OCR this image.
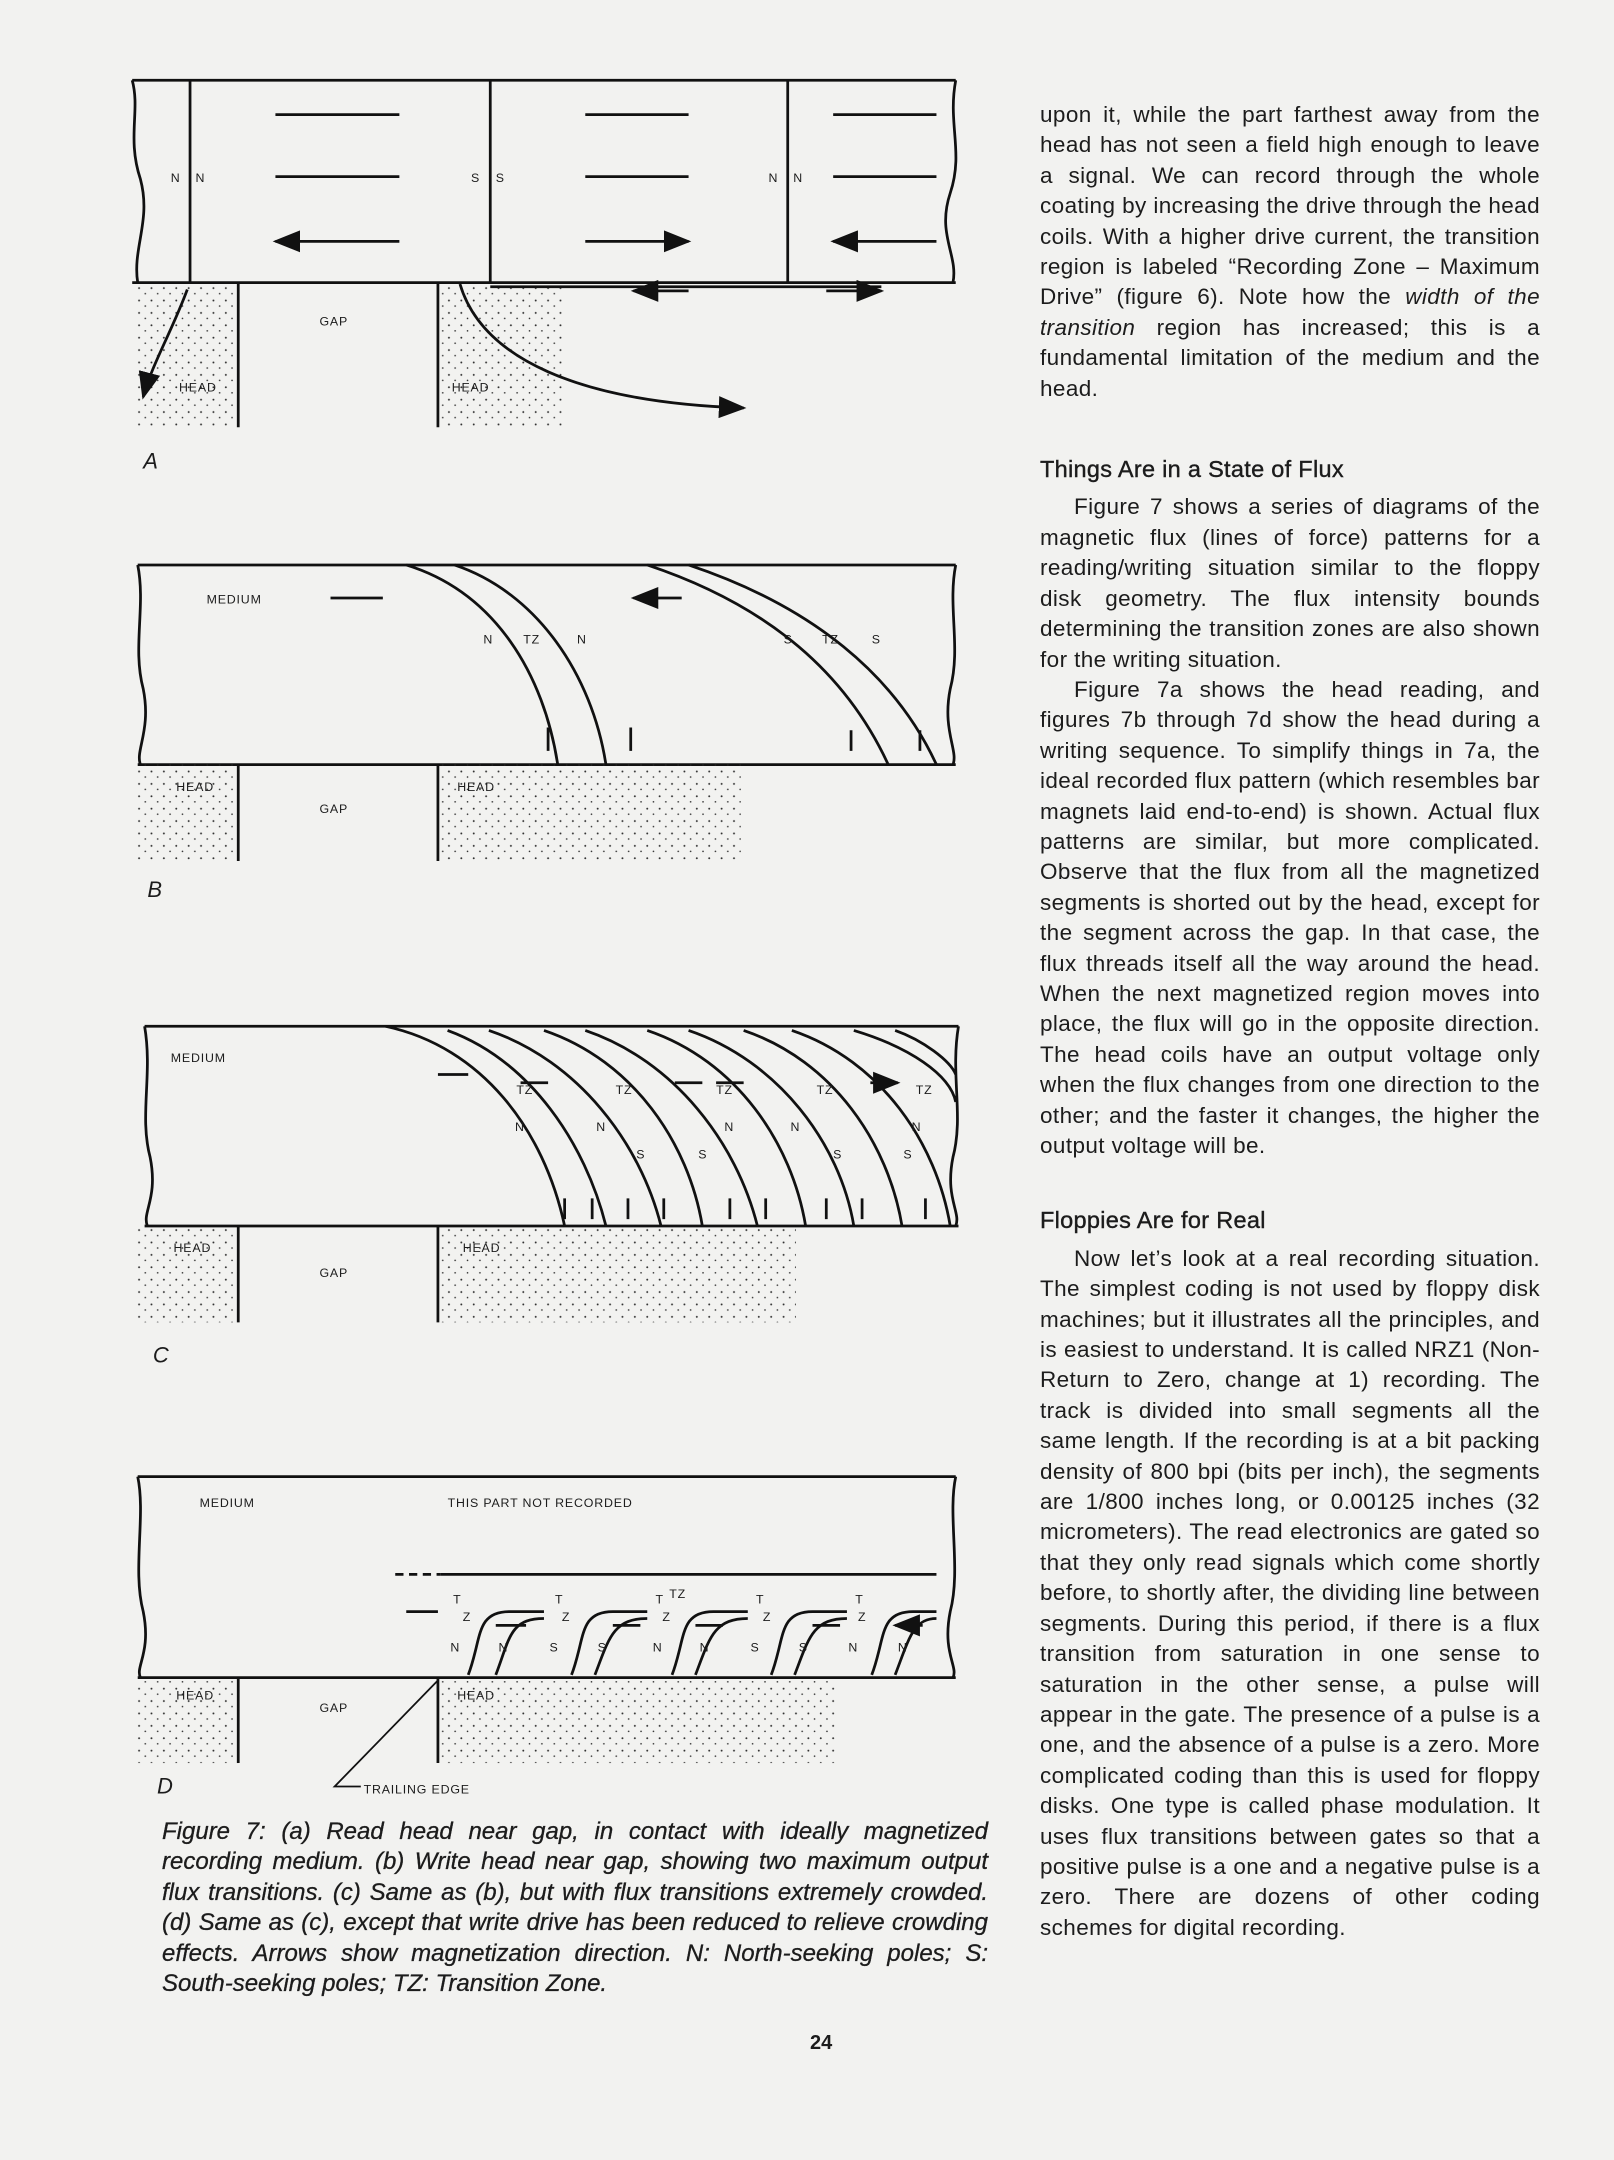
N N	S S	N N
GAP
HEAD	HEAD
A
MEDIUM
N	TZ	N	S	TZ	S
GAP
HEAD	HEAD
B
MEDIUM
TZ	TZ	TZ	TZ	TZ
N	N	N	N	N
S	S	S	S
GAP
HEAD	HEAD
C
MEDIUM	THIS PART NOT RECORDED
T	T	T TZ	T	T
Z	Z	Z	Z	Z
N	N	S	S	N	N	S	S	N	N
GAP
HEAD	HEAD
TRAILING EDGE
D
Figure 7: (a) Read head near gap, in contact with ideally magnetized recording medium. (b) Write head near gap, showing two maximum output flux transitions. (c) Same as (b), but with flux transitions extremely crowded. (d) Same as (c), except that write drive has been reduced to relieve crowding effects. Arrows show magnetization direction. N: North-seeking poles; S: South-seeking poles; TZ: Transition Zone.

upon it, while the part farthest away from the head has not seen a field high enough to leave a signal. We can record through the whole coating by increasing the drive through the head coils. With a higher drive current, the transition region is labeled “Recording Zone – Maximum Drive” (figure 6). Note how the width of the transition region has increased; this is a fundamental limitation of the medium and the head.

Things Are in a State of Flux

Figure 7 shows a series of diagrams of the magnetic flux (lines of force) patterns for a reading/writing situation similar to the floppy disk geometry. The flux intensity bounds determining the transition zones are also shown for the writing situation.

Figure 7a shows the head reading, and figures 7b through 7d show the head during a writing sequence. To simplify things in 7a, the ideal recorded flux pattern (which resembles bar magnets laid end-to-end) is shown. Actual flux patterns are similar, but more complicated. Observe that the flux from all the magnetized segments is shorted out by the head, except for the segment across the gap. In that case, the flux threads itself all the way around the head. When the next magnetized region moves into place, the flux will go in the opposite direction. The head coils have an output voltage only when the flux changes from one direction to the other; and the faster it changes, the higher the output voltage will be.

Floppies Are for Real

Now let’s look at a real recording situation. The simplest coding is not used by floppy disk machines; but it illustrates all the principles, and is easiest to understand. It is called NRZ1 (Non-Return to Zero, change at 1) recording. The track is divided into small segments all the same length. If the recording is at a bit packing density of 800 bpi (bits per inch), the segments are 1/800 inches long, or 0.00125 inches (32 micrometers). The read electronics are gated so that they only read signals which come shortly before, to shortly after, the dividing line between segments. During this period, if there is a flux transition from saturation in one sense to saturation in the other sense, a pulse will appear in the gate. The presence of a pulse is a one, and the absence of a pulse is a zero. More complicated coding than this is used for floppy disks. One type is called phase modulation. It uses flux transitions between gates so that a positive pulse is a one and a negative pulse is a zero. There are dozens of other coding schemes for digital recording.

24
